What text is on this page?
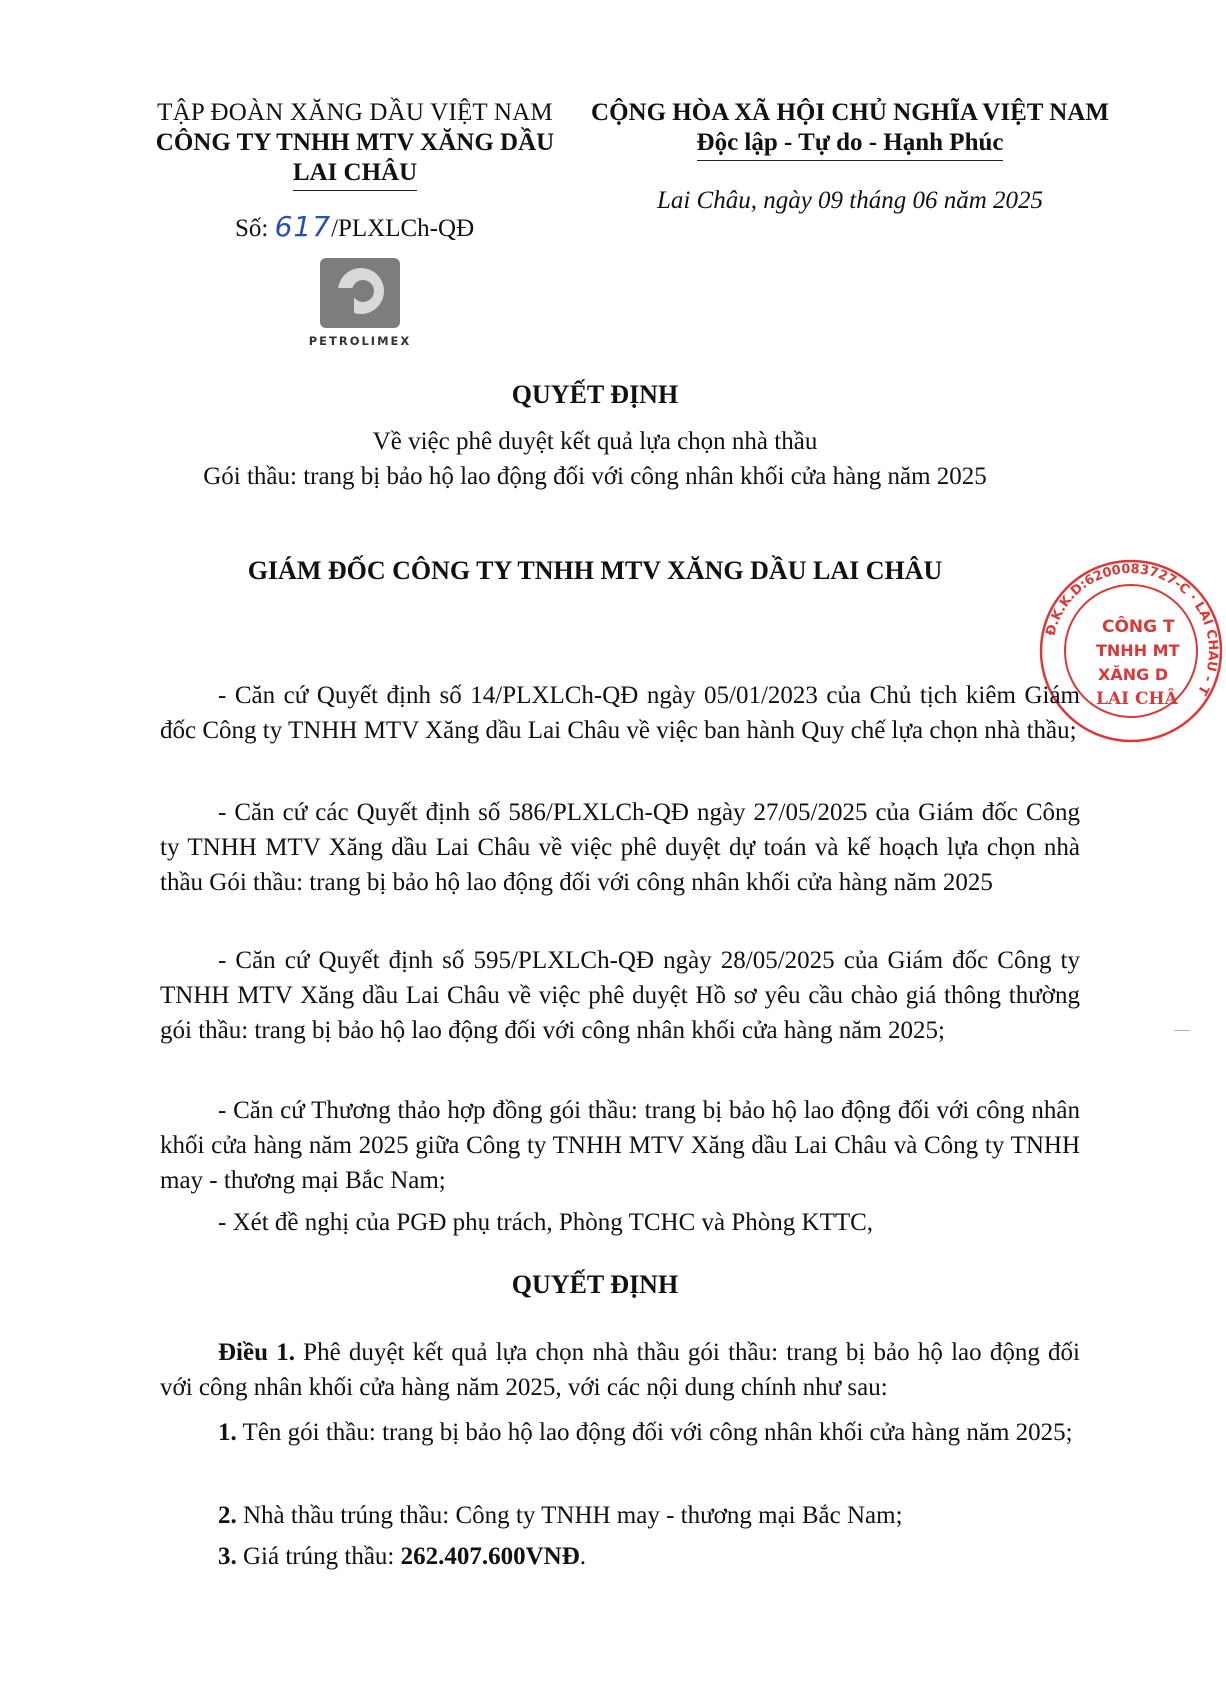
TẬP ĐOÀN XĂNG DẦU VIỆT NAM
CÔNG TY TNHH MTV XĂNG DẦU
LAI CHÂU
Số: 617/PLXLCh-QĐ
PETROLIMEX
CỘNG HÒA XÃ HỘI CHỦ NGHĨA VIỆT NAM
Độc lập - Tự do - Hạnh Phúc
Lai Châu, ngày 09 tháng 06 năm 2025
QUYẾT ĐỊNH
Về việc phê duyệt kết quả lựa chọn nhà thầu
Gói thầu: trang bị bảo hộ lao động đối với công nhân khối cửa hàng năm 2025
GIÁM ĐỐC CÔNG TY TNHH MTV XĂNG DẦU LAI CHÂU
Đ.K.K.D:6200083727-C · LAI CHÂU - T
CÔNG T
TNHH MT
XĂNG D
LAI CHÂ

- Căn cứ Quyết định số 14/PLXLCh-QĐ ngày 05/01/2023 của Chủ tịch kiêm Giám đốc Công ty TNHH MTV Xăng dầu Lai Châu về việc ban hành Quy chế lựa chọn nhà thầu;

- Căn cứ các Quyết định số 586/PLXLCh-QĐ ngày 27/05/2025 của Giám đốc Công ty TNHH MTV Xăng dầu Lai Châu về việc phê duyệt dự toán và kế hoạch lựa chọn nhà thầu Gói thầu: trang bị bảo hộ lao động đối với công nhân khối cửa hàng năm 2025

- Căn cứ Quyết định số 595/PLXLCh-QĐ ngày 28/05/2025 của Giám đốc Công ty TNHH MTV Xăng dầu Lai Châu về việc phê duyệt Hồ sơ yêu cầu chào giá thông thường gói thầu: trang bị bảo hộ lao động đối với công nhân khối cửa hàng năm 2025;

- Căn cứ Thương thảo hợp đồng gói thầu: trang bị bảo hộ lao động đối với công nhân khối cửa hàng năm 2025 giữa Công ty TNHH MTV Xăng dầu Lai Châu và Công ty TNHH may - thương mại Bắc Nam;

- Xét đề nghị của PGĐ phụ trách, Phòng TCHC và Phòng KTTC,

QUYẾT ĐỊNH

Điều 1. Phê duyệt kết quả lựa chọn nhà thầu gói thầu: trang bị bảo hộ lao động đối với công nhân khối cửa hàng năm 2025, với các nội dung chính như sau:

1. Tên gói thầu: trang bị bảo hộ lao động đối với công nhân khối cửa hàng năm 2025;

2. Nhà thầu trúng thầu: Công ty TNHH may - thương mại Bắc Nam;

3. Giá trúng thầu: 262.407.600VNĐ.
